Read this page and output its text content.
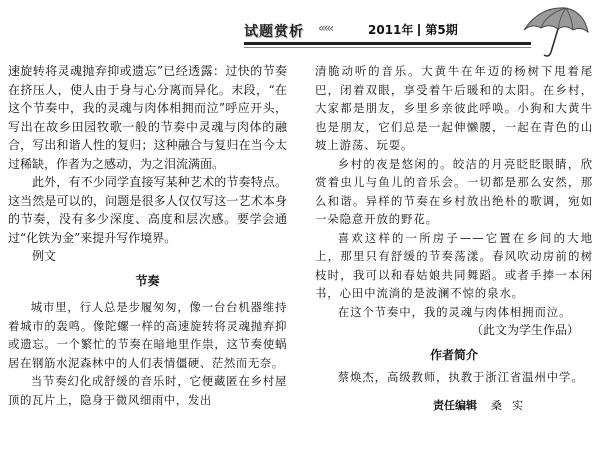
试题赏析 ‹‹‹‹‹	2011年 第5期

速旋转将灵魂抛弃抑或遗忘”已经透露：过快的节奏在挤压人，使人由于身与心分离而异化。末段，“在这个节奏中，我的灵魂与肉体相拥而泣”呼应开头，写出在故乡田园牧歌一般的节奏中灵魂与肉体的融合，写出和谐人性的复归；这种融合与复归在当今太过稀缺，作者为之感动，为之泪流满面。

此外，有不少同学直接写某种艺术的节奏特点。这当然是可以的，问题是很多人仅仅写这一艺术本身的节奏，没有多少深度、高度和层次感。要学会通过“化铁为金”来提升写作境界。

例文

节奏

城市里，行人总是步履匆匆，像一台台机器维持着城市的轰鸣。像陀螺一样的高速旋转将灵魂抛弃抑或遗忘。一个繁忙的节奏在暗地里作祟，这节奏使蜗居在钢筋水泥森林中的人们表情僵硬、茫然而无奈。

当节奏幻化成舒缓的音乐时，它便藏匿在乡村屋顶的瓦片上，隐身于微风细雨中，发出

清脆动听的音乐。大黄牛在年迈的杨树下甩着尾巴，闭着双眼，享受着午后暖和的太阳。在乡村，大家都是朋友，乡里乡亲彼此呼唤。小狗和大黄牛也是朋友，它们总是一起伸懒腰，一起在青色的山坡上游荡、玩耍。

乡村的夜是悠闲的。皎洁的月亮眨眨眼睛，欣赏着虫儿与鱼儿的音乐会。一切都是那么安然，那么和谐。异样的节奏在乡村放出绝朴的歌调，宛如一朵隐意开放的野花。

喜欢这样的一所房子——它置在乡间的大地上，那里只有舒缓的节奏荡漾。春风吹动房前的树枝时，我可以和春姑娘共同舞蹈。或者手捧一本闲书，心田中流淌的是波澜不惊的泉水。

在这个节奏中，我的灵魂与肉体相拥而泣。

（此文为学生作品）

作者简介

蔡焕杰，高级教师，执教于浙江省温州中学。

责任编辑 桑实
